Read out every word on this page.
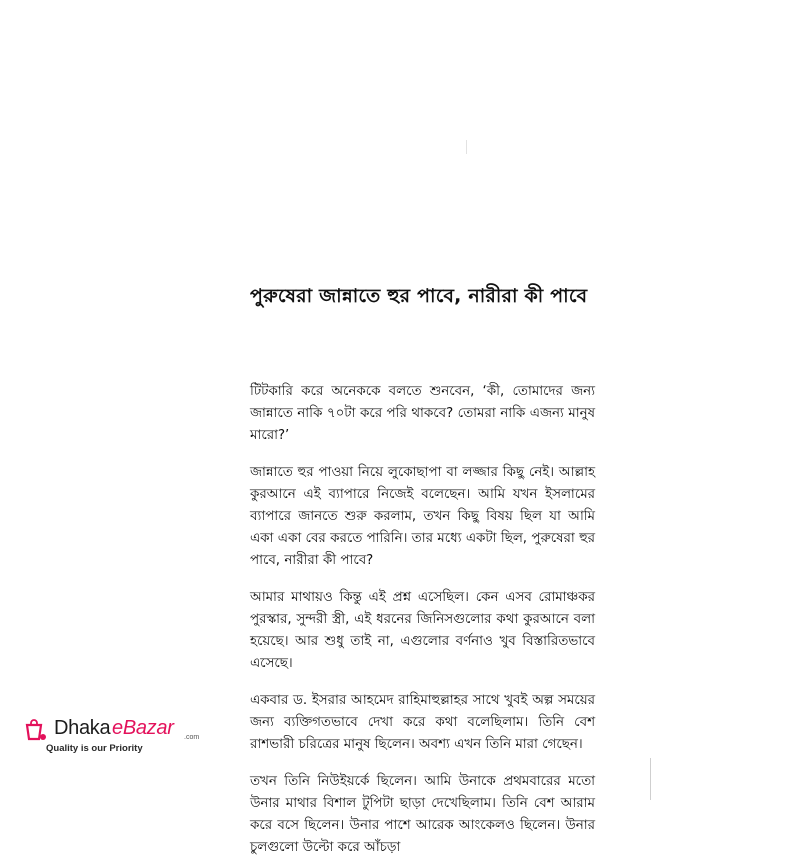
পুরুষেরা জান্নাতে হুর পাবে, নারীরা কী পাবে

টিটকারি করে অনেককে বলতে শুনবেন, ‘কী, তোমাদের জন্য জান্নাতে নাকি ৭০টা করে পরি থাকবে? তোমরা নাকি এজন্য মানুষ মারো?’

জান্নাতে হুর পাওয়া নিয়ে লুকোছাপা বা লজ্জার কিছু নেই। আল্লাহ কুরআনে এই ব্যাপারে নিজেই বলেছেন। আমি যখন ইসলামের ব্যাপারে জানতে শুরু করলাম, তখন কিছু বিষয় ছিল যা আমি একা একা বের করতে পারিনি। তার মধ্যে একটা ছিল, পুরুষেরা হুর পাবে, নারীরা কী পাবে?

আমার মাথায়ও কিন্তু এই প্রশ্ন এসেছিল। কেন এসব রোমাঞ্চকর পুরস্কার, সুন্দরী স্ত্রী, এই ধরনের জিনিসগুলোর কথা কুরআনে বলা হয়েছে। আর শুধু তাই না, এগুলোর বর্ণনাও খুব বিস্তারিতভাবে এসেছে।

একবার ড. ইসরার আহমেদ রাহিমাহুল্লাহর সাথে খুবই অল্প সময়ের জন্য ব্যক্তিগতভাবে দেখা করে কথা বলেছিলাম। তিনি বেশ রাশভারী চরিত্রের মানুষ ছিলেন। অবশ্য এখন তিনি মারা গেছেন।

তখন তিনি নিউইয়র্কে ছিলেন। আমি উনাকে প্রথমবারের মতো উনার মাথার বিশাল টুপিটা ছাড়া দেখেছিলাম। তিনি বেশ আরাম করে বসে ছিলেন। উনার পাশে আরেক আংকেলও ছিলেন। উনার চুলগুলো উল্টো করে আঁচড়া

Dhaka eBazar .com
Quality is our Priority
